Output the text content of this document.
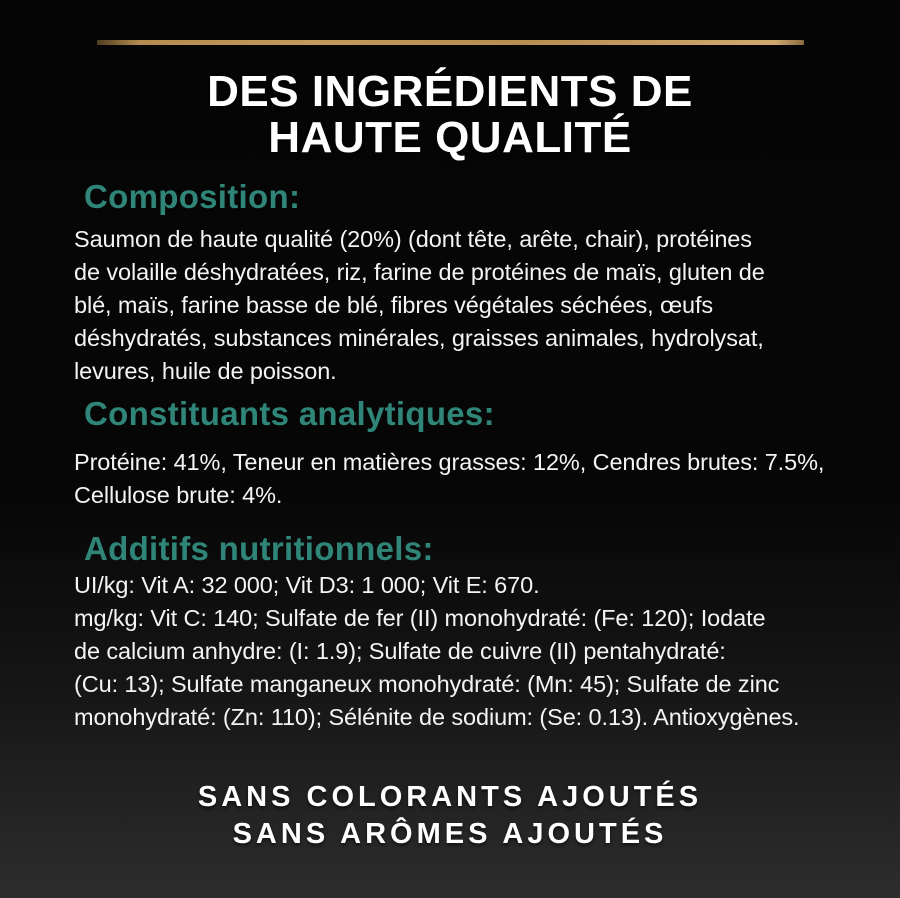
DES INGRÉDIENTS DE
HAUTE QUALITÉ
Composition:
Saumon de haute qualité (20%) (dont tête, arête, chair), protéines
de volaille déshydratées, riz, farine de protéines de maïs, gluten de
blé, maïs, farine basse de blé, fibres végétales séchées, œufs
déshydratés, substances minérales, graisses animales, hydrolysat,
levures, huile de poisson.
Constituants analytiques:
Protéine: 41%, Teneur en matières grasses: 12%, Cendres brutes: 7.5%,
Cellulose brute: 4%.
Additifs nutritionnels:
UI/kg: Vit A: 32 000; Vit D3: 1 000; Vit E: 670.
mg/kg: Vit C: 140; Sulfate de fer (II) monohydraté: (Fe: 120); Iodate
de calcium anhydre: (I: 1.9); Sulfate de cuivre (II) pentahydraté:
(Cu: 13); Sulfate manganeux monohydraté: (Mn: 45); Sulfate de zinc
monohydraté: (Zn: 110); Sélénite de sodium: (Se: 0.13). Antioxygènes.
SANS COLORANTS AJOUTÉS
SANS ARÔMES AJOUTÉS
